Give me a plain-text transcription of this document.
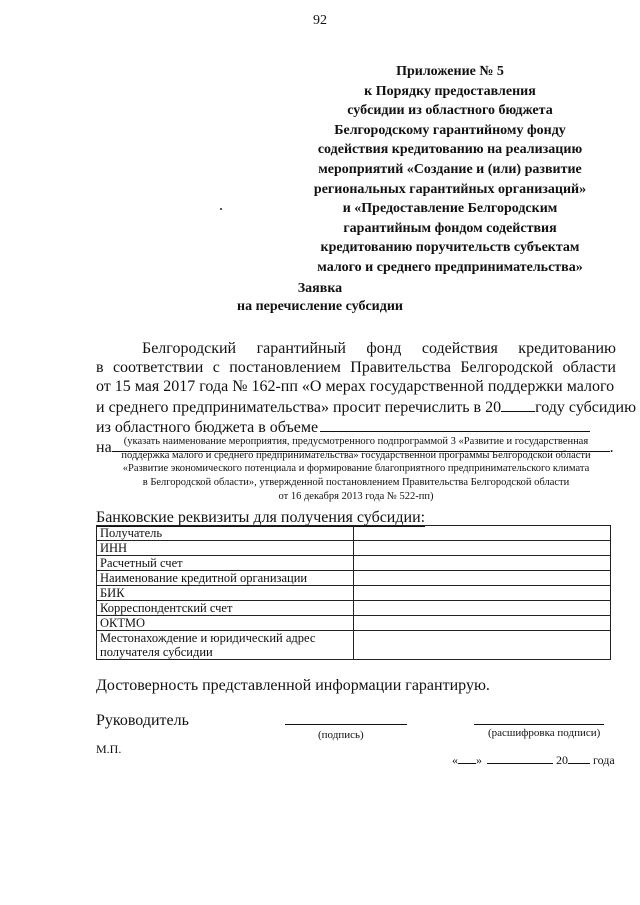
92
Приложение № 5
к Порядку предоставления
субсидии из областного бюджета
Белгородскому гарантийному фонду
содействия кредитованию на реализацию
мероприятий «Создание и (или) развитие
региональных гарантийных организаций»
и «Предоставление Белгородским
гарантийным фондом содействия
кредитованию поручительств субъектам
малого и среднего предпринимательства»
Заявка
на перечисление субсидии
Белгородский гарантийный фонд содействия кредитованию
в соответствии с постановлением Правительства Белгородской области
от 15 мая 2017 года № 162-пп «О мерах государственной поддержки малого
и среднего предпринимательства» просит перечислить в 20 году субсидию
из областного бюджета в объеме
на	.
(указать наименование мероприятия, предусмотренного подпрограммой 3 «Развитие и государственная
поддержка малого и среднего предпринимательства» государственной программы Белгородской области
«Развитие экономического потенциала и формирование благоприятного предпринимательского климата
в Белгородской области», утвержденной постановлением Правительства Белгородской области
от 16 декабря 2013 года № 522-пп)
Банковские реквизиты для получения субсидии:
Получатель	
ИНН	
Расчетный счет	
Наименование кредитной организации	
БИК	
Корреспондентский счет	
ОКТМО	

Местонахождение и юридический адрес
получателя субсидии	

Достоверность представленной информации гарантирую.
Руководитель
(подпись)	(расшифровка подписи)
М.П.
« »	20 года
